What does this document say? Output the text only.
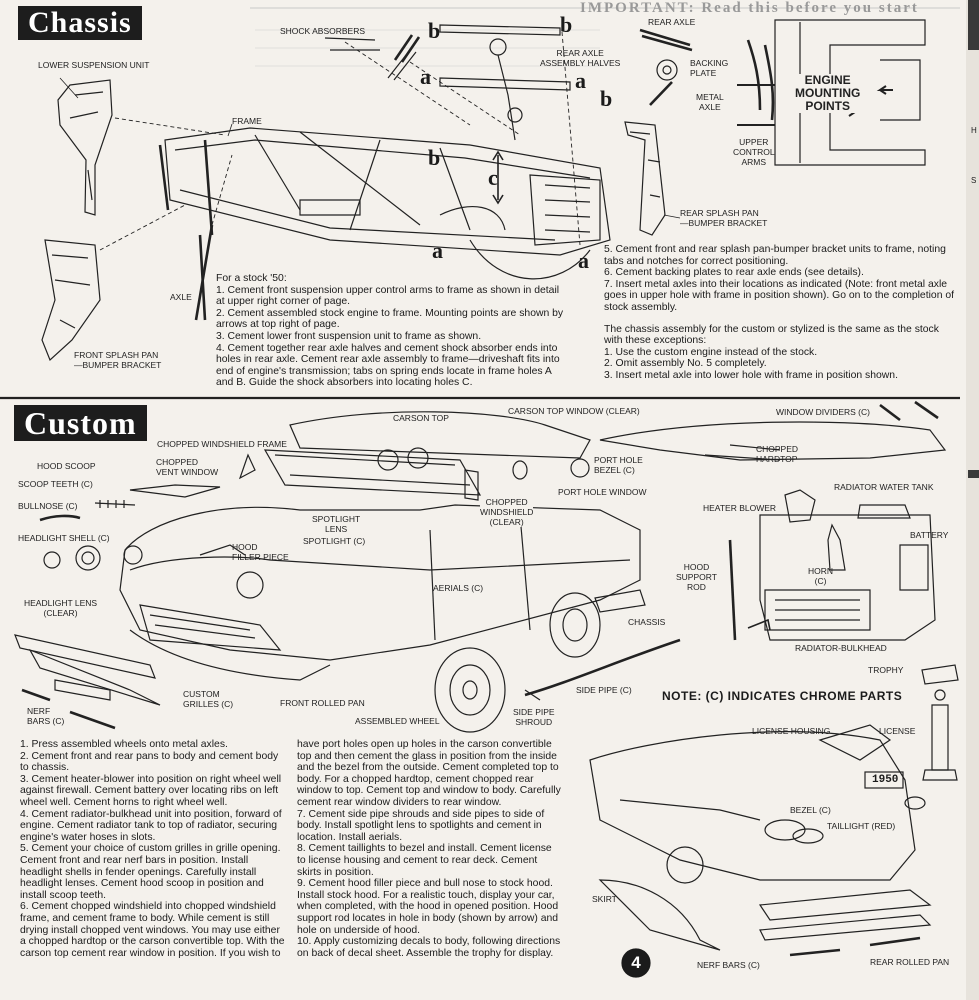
Chassis	IMPORTANT: Read this before you start
Custom
LOWER SUSPENSION UNIT
SHOCK ABSORBERS
REAR AXLE
ASSEMBLY HALVES
REAR AXLE
BACKING
PLATE
METAL
AXLE
UPPER
CONTROL
ARMS
ENGINE
MOUNTING
POINTS
FRAME
AXLE
FRONT SPLASH PAN
—BUMPER BRACKET
REAR SPLASH PAN
—BUMPER BRACKET
b	b
a	a
b
b
c
a	a

For a stock '50:

1. Cement front suspension upper control arms to frame as shown in detail at upper right corner of page.

2. Cement assembled stock engine to frame. Mounting points are shown by arrows at top right of page.

3. Cement lower front suspension unit to frame as shown.

4. Cement together rear axle halves and cement shock absorber ends into holes in rear axle. Cement rear axle assembly to frame—driveshaft fits into end of engine's transmission; tabs on spring ends locate in frame holes A and B. Guide the shock absorbers into locating holes C.

5. Cement front and rear splash pan-bumper bracket units to frame, noting tabs and notches for correct positioning.

6. Cement backing plates to rear axle ends (see details).

7. Insert metal axles into their locations as indicated (Note: front metal axle goes in upper hole with frame in position shown). Go on to the completion of stock assembly.

The chassis assembly for the custom or stylized is the same as the stock with these exceptions:

1. Use the custom engine instead of the stock.

2. Omit assembly No. 5 completely.

3. Insert metal axle into lower hole with frame in position shown.

CARSON TOP
CARSON TOP WINDOW (CLEAR)	WINDOW DIVIDERS (C)
CHOPPED WINDSHIELD FRAME
CHOPPED
VENT WINDOW
HOOD SCOOP
SCOOP TEETH (C)
BULLNOSE (C)
HEADLIGHT SHELL (C)
HEADLIGHT LENS
(CLEAR)
SPOTLIGHT
LENS
SPOTLIGHT (C)
HOOD
FILLER PIECE
CHOPPED
WINDSHIELD
(CLEAR)
PORT HOLE
BEZEL (C)
PORT HOLE WINDOW
CHOPPED
HARDTOP
AERIALS (C)
CHASSIS
HEATER BLOWER
RADIATOR WATER TANK
BATTERY
HOOD
SUPPORT
ROD
HORN
(C)
RADIATOR-BULKHEAD
TROPHY
SIDE PIPE (C)
SIDE PIPE
SHROUD
ASSEMBLED WHEEL
FRONT ROLLED PAN
CUSTOM
GRILLES (C)
NERF
BARS (C)
NOTE: (C) INDICATES CHROME PARTS
LICENSE HOUSING	LICENSE
1950
BEZEL (C)
TAILLIGHT (RED)
SKIRT
NERF BARS (C)	REAR ROLLED PAN

1. Press assembled wheels onto metal axles.

2. Cement front and rear pans to body and cement body to chassis.

3. Cement heater-blower into position on right wheel well against firewall. Cement battery over locating ribs on left wheel well. Cement horns to right wheel well.

4. Cement radiator-bulkhead unit into position, forward of engine. Cement radiator tank to top of radiator, securing engine's water hoses in slots.

5. Cement your choice of custom grilles in grille opening. Cement front and rear nerf bars in position. Install headlight shells in fender openings. Carefully install headlight lenses. Cement hood scoop in position and install scoop teeth.

6. Cement chopped windshield into chopped windshield frame, and cement frame to body. While cement is still drying install chopped vent windows. You may use either a chopped hardtop or the carson convertible top. With the carson top cement rear window in position. If you wish to

have port holes open up holes in the carson convertible top and then cement the glass in position from the inside and the bezel from the outside. Cement completed top to body. For a chopped hardtop, cement chopped rear window to top. Cement top and window to body. Carefully cement rear window dividers to rear window.

7. Cement side pipe shrouds and side pipes to side of body. Install spotlight lens to spotlights and cement in location. Install aerials.

8. Cement taillights to bezel and install. Cement license to license housing and cement to rear deck. Cement skirts in position.

9. Cement hood filler piece and bull nose to stock hood. Install stock hood. For a realistic touch, display your car, when completed, with the hood in opened position. Hood support rod locates in hole in body (shown by arrow) and hole on underside of hood.

10. Apply customizing decals to body, following directions on back of decal sheet. Assemble the trophy for display.	4
H
S
